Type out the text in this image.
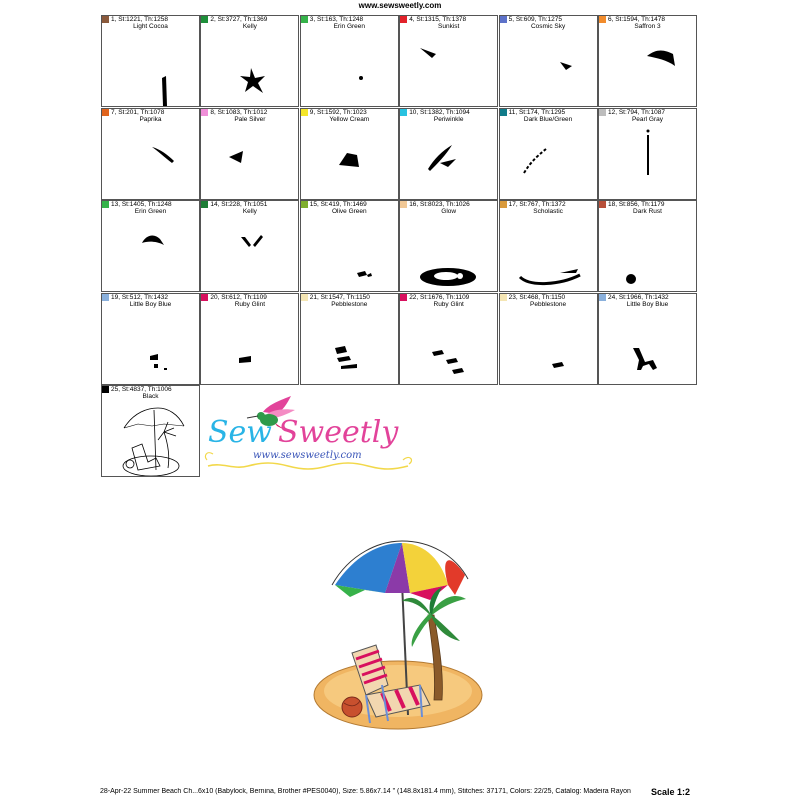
www.sewsweetly.com
1, St:1221, Th:1258
Light Cocoa
2, St:3727, Th:1369
Kelly
3, St:163, Th:1248
Erin Green
4, St:1315, Th:1378
Sunkist
5, St:609, Th:1275
Cosmic Sky
6, St:1594, Th:1478
Saffron 3
7, St:201, Th:1078
Paprika
8, St:1083, Th:1012
Pale Silver
9, St:1592, Th:1023
Yellow Cream
10, St:1382, Th:1094
Periwinkle
11, St:174, Th:1295
Dark Blue/Green
12, St:794, Th:1087
Pearl Gray
13, St:1405, Th:1248
Erin Green
14, St:228, Th:1051
Kelly
15, St:419, Th:1469
Olive Green
16, St:8023, Th:1026
Glow
17, St:767, Th:1372
Scholastic
18, St:856, Th:1179
Dark Rust
19, St:512, Th:1432
Little Boy Blue
20, St:612, Th:1109
Ruby Glint
21, St:1547, Th:1150
Pebblestone
22, St:1676, Th:1109
Ruby Glint
23, St:468, Th:1150
Pebblestone
24, St:1966, Th:1432
Little Boy Blue
25, St:4837, Th:1006
Black
Sew Sweetly
www.sewsweetly.com
28-Apr-22 Summer Beach Ch...6x10 (Babylock, Bernina, Brother #PES0040), Size: 5.86x7.14 " (148.8x181.4 mm), Stitches: 37171, Colors: 22/25, Catalog: Madeira Rayon	Scale 1:2
